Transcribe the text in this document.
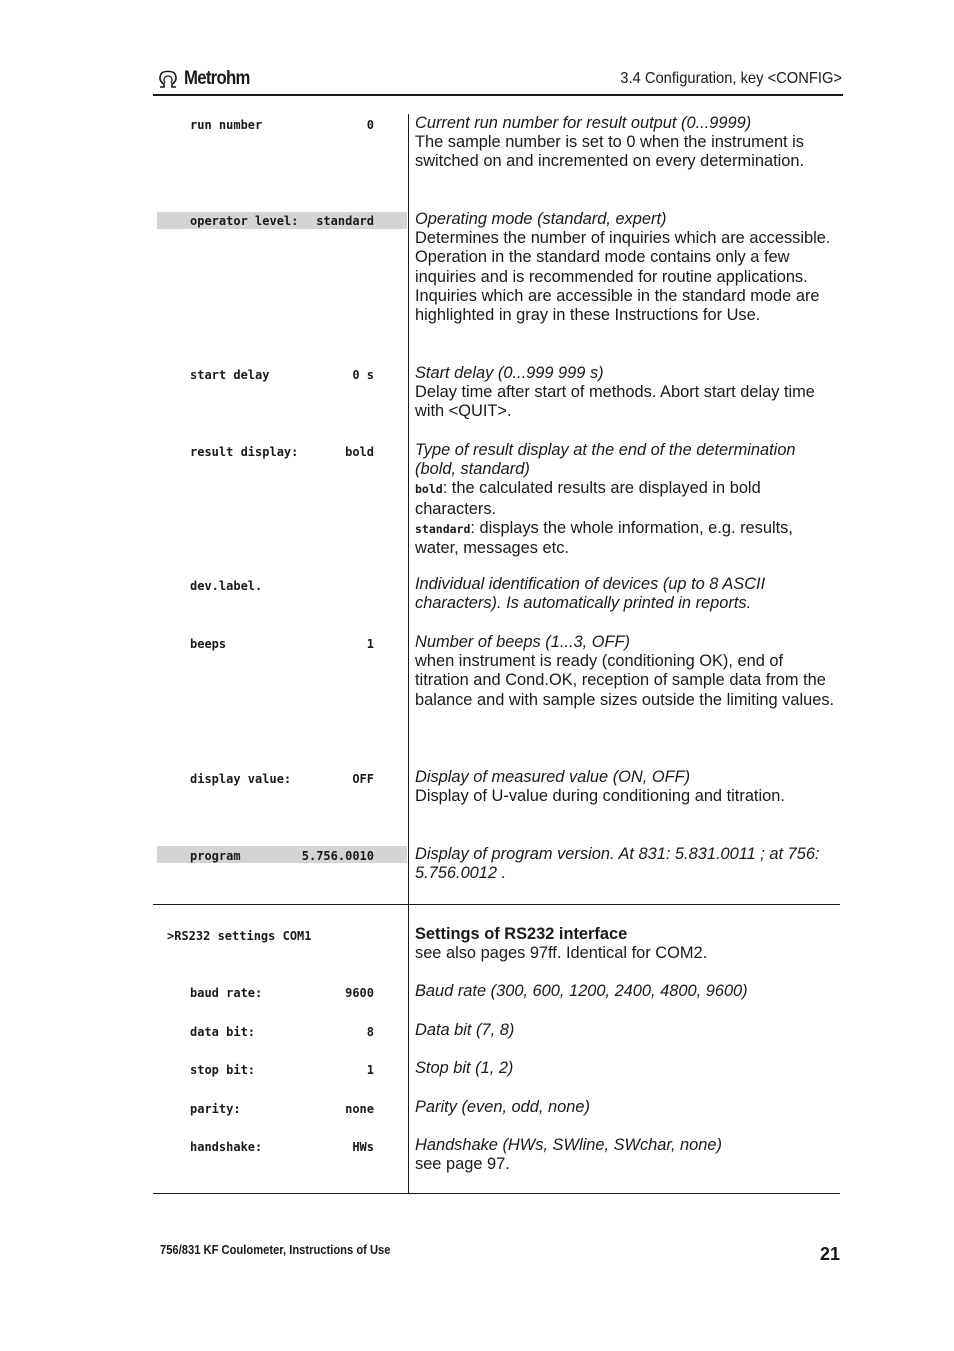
Metrohm	3.4 Configuration, key <CONFIG>
run number	0	Current run number for result output (0...9999)
The sample number is set to 0 when the instrument is switched on and incremented on every determination.
operator level: standard	Operating mode (standard, expert)
Determines the number of inquiries which are accessible. Operation in the standard mode contains only a few inquiries and is recommended for routine applications.
Inquiries which are accessible in the standard mode are highlighted in gray in these Instructions for Use.
start delay	0 s	Start delay (0...999 999 s)
Delay time after start of methods. Abort start delay time with <QUIT>.
result display:	bold	Type of result display at the end of the determination (bold, standard)
bold: the calculated results are displayed in bold characters.
standard: displays the whole information, e.g. results, water, messages etc.
dev.label.	Individual identification of devices (up to 8 ASCII characters). Is automatically printed in reports.
beeps	1	Number of beeps (1...3, OFF)
when instrument is ready (conditioning OK), end of titration and Cond.OK, reception of sample data from the balance and with sample sizes outside the limiting values.
display value:	OFF	Display of measured value (ON, OFF)
Display of U-value during conditioning and titration.
program	5.756.0010	Display of program version. At 831: 5.831.0011 ; at 756: 5.756.0012 .
>RS232 settings COM1	Settings of RS232 interface
see also pages 97ff. Identical for COM2.
baud rate:	9600	Baud rate (300, 600, 1200, 2400, 4800, 9600)
data bit:	8	Data bit (7, 8)
stop bit:	1	Stop bit (1, 2)
parity:	none	Parity (even, odd, none)
handshake:	HWs	Handshake (HWs, SWline, SWchar, none)
see page 97.
756/831 KF Coulometer, Instructions of Use	21
